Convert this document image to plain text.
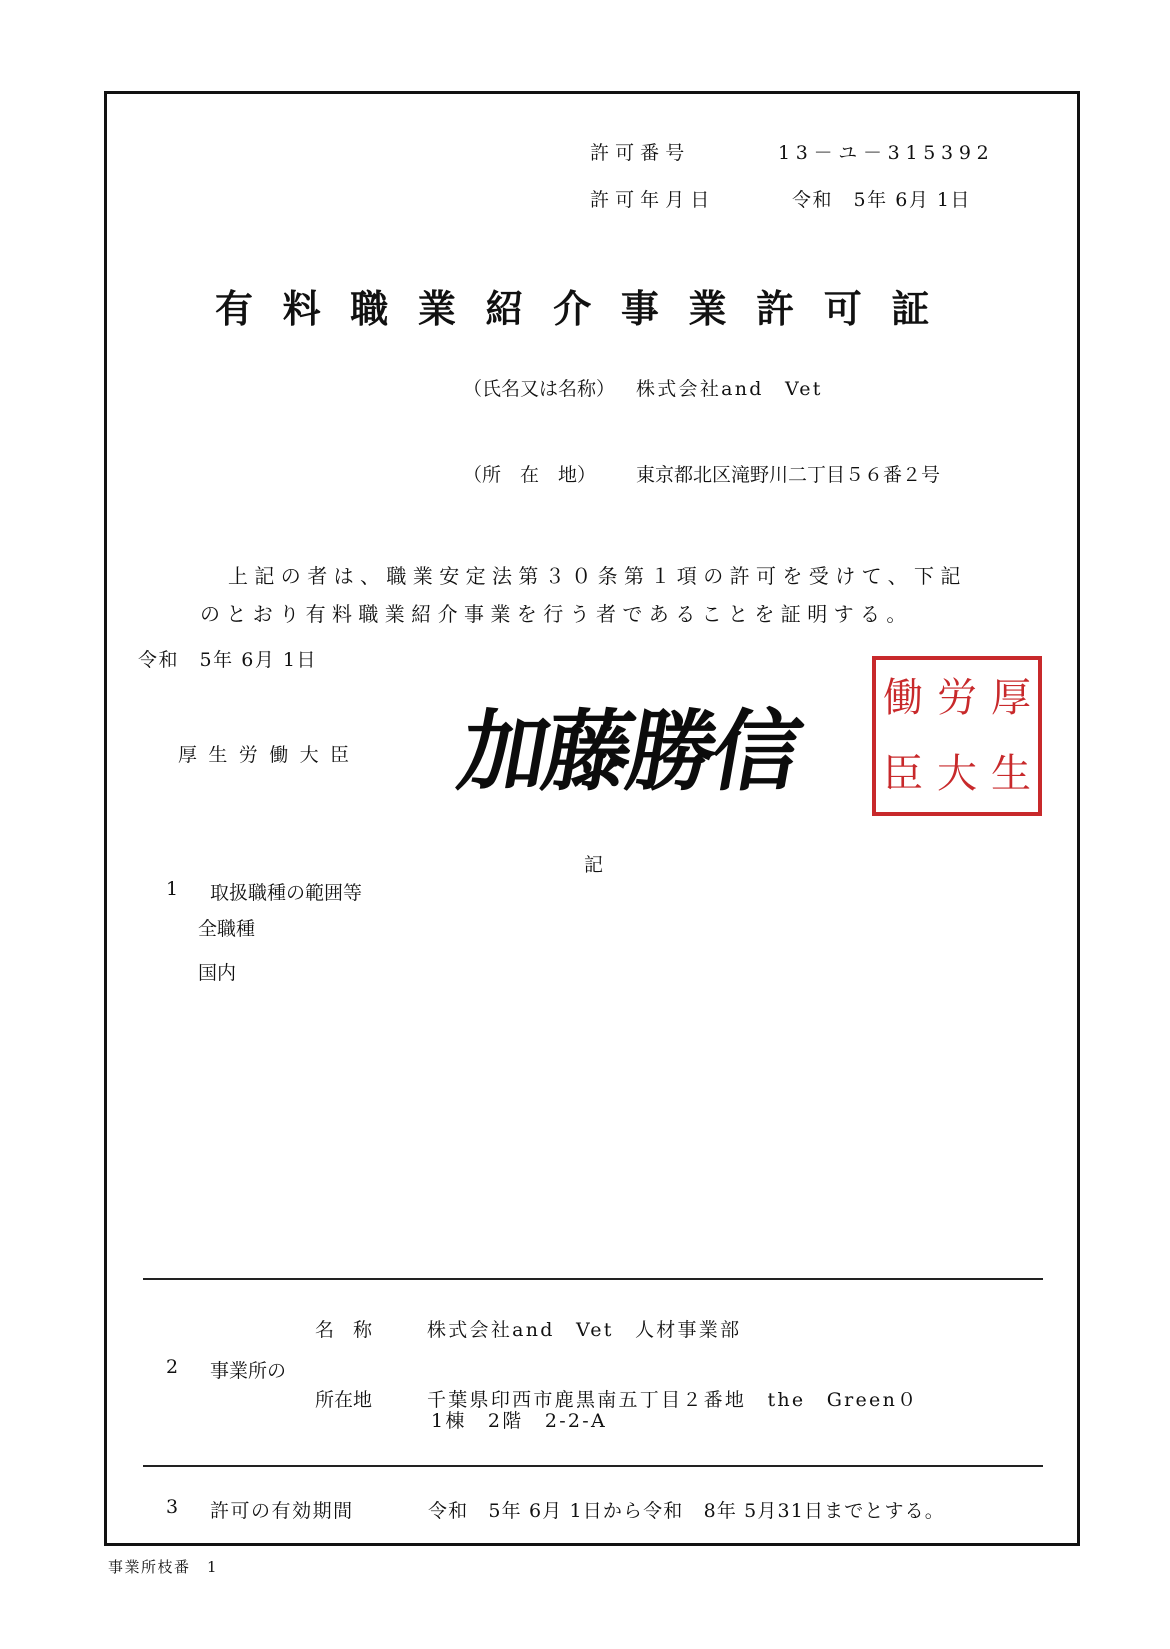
許可番号	13－ユ－315392
許可年月日	令和　5年 6月 1日
有料職業紹介事業許可証
（氏名又は名称） 株式会社and　Vet
（所　在　地） 東京都北区滝野川二丁目５６番２号
上記の者は、職業安定法第３０条第１項の許可を受けて、下記
のとおり有料職業紹介事業を行う者であることを証明する。
令和　5年 6月 1日
厚生労働大臣 加藤勝信
働 労 厚
臣 大 生
記
1 取扱職種の範囲等
全職種
国内
名　称	株式会社and　Vet　人材事業部
2 事業所の
所在地	千葉県印西市鹿黒南五丁目２番地　the　Green０
1棟　2階　2-2-A
3 許可の有効期間	令和　5年 6月 1日から令和　8年 5月31日までとする。
事業所枝番　1
